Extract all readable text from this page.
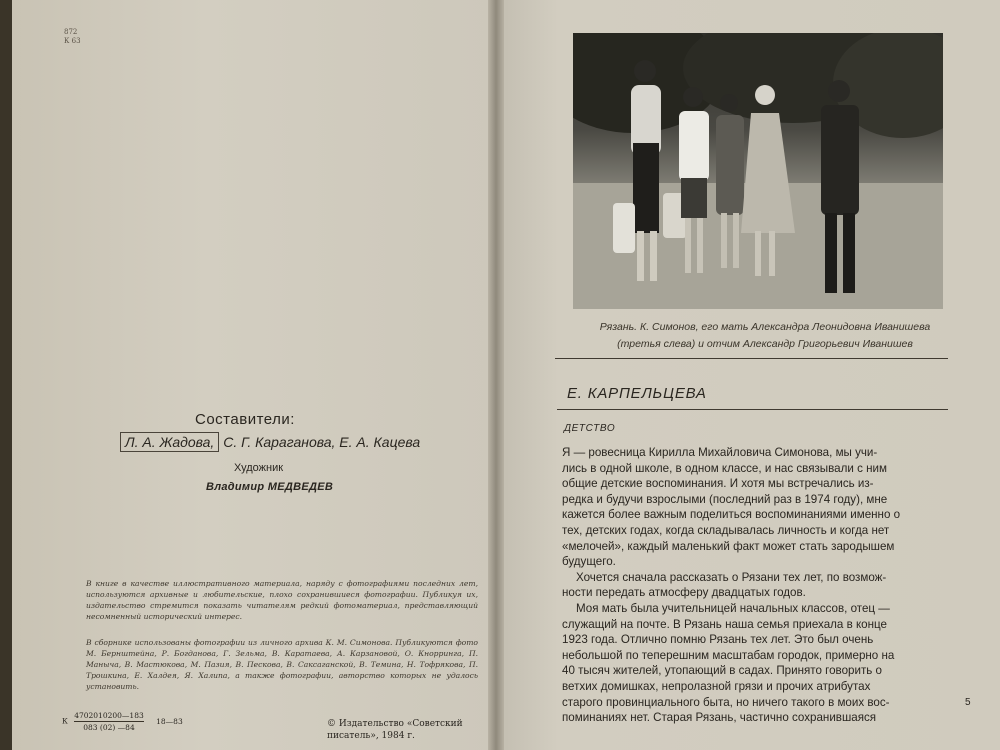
872
К 63
Составители:
Л. А. Жадова, С. Г. Караганова, Е. А. Кацева
Художник
Владимир МЕДВЕДЕВ
В книге в качестве иллюстративного материала, наряду с фотографиями последних лет, используются архивные и любительские, плохо сохранившиеся фотографии. Публикуя их, издательство стремится показать читателям редкий фотоматериал, представляющий несомненный исторический интерес.
В сборнике использованы фотографии из личного архива К. М. Симонова. Публикуются фото М. Бернштейна, Р. Богданова, Г. Зельма, В. Каратаева, А. Карзановой, О. Кнорринга, П. Маныча, В. Мастюкова, М. Пазия, В. Пескова, В. Саксаганской, В. Темина, Н. Тофрякова, П. Трошкина, Е. Халдея, Я. Халипа, а также фотографии, авторство которых не удалось установить.
К $\frac{4702010200—183}{083 (02) —84}$ 18—83	© Издательство «Советский писатель», 1984 г.
Рязань. К. Симонов, его мать Александра Леонидовна Иванишева
(третья слева) и отчим Александр Григорьевич Иванишев
Е. КАРПЕЛЬЦЕВА
ДЕТСТВО
Я — ровесница Кирилла Михайловича Симонова, мы учи-
лись в одной школе, в одном классе, и нас связывали с ним
общие детские воспоминания. И хотя мы встречались из-
редка и будучи взрослыми (последний раз в 1974 году), мне
кажется более важным поделиться воспоминаниями именно о
тех, детских годах, когда складывалась личность и когда нет
«мелочей», каждый маленький факт может стать зародышем
будущего.
Хочется сначала рассказать о Рязани тех лет, по возмож-
ности передать атмосферу двадцатых годов.
Моя мать была учительницей начальных классов, отец —
служащий на почте. В Рязань наша семья приехала в конце
1923 года. Отлично помню Рязань тех лет. Это был очень
небольшой по теперешним масштабам городок, примерно на
40 тысяч жителей, утопающий в садах. Принято говорить о
ветхих домишках, непролазной грязи и прочих атрибутах
старого провинциального быта, но ничего такого в моих вос-
поминаниях нет. Старая Рязань, частично сохранившаяся
5
